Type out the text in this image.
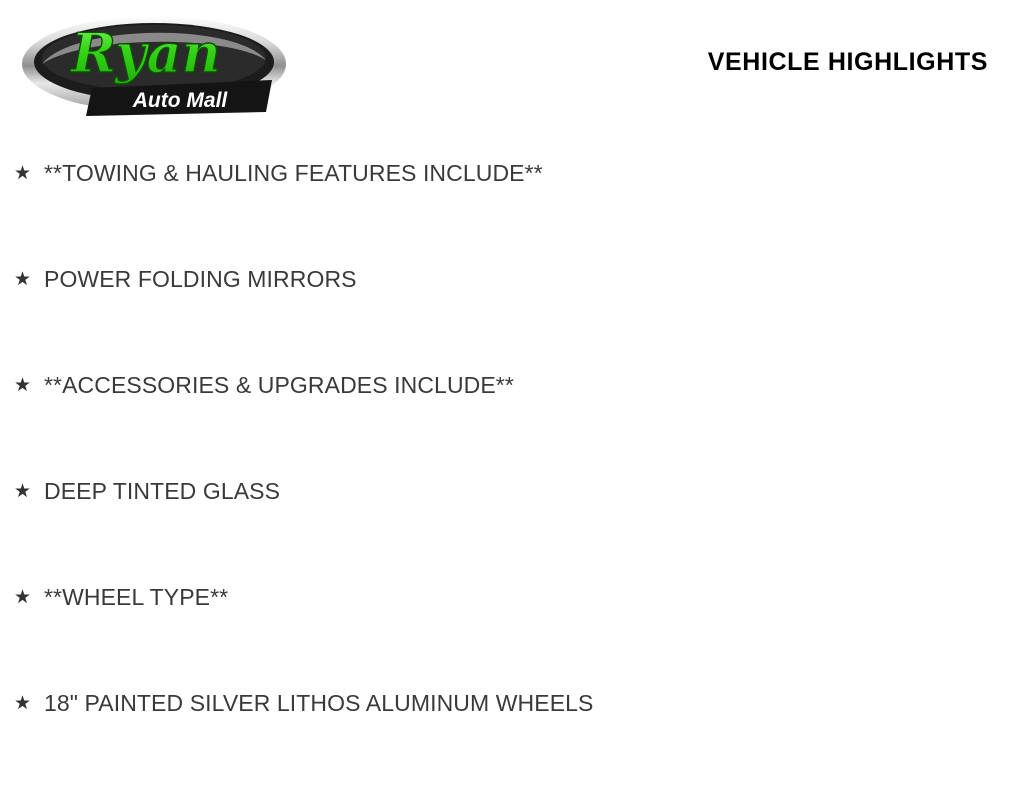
Ryan
Auto Mall
VEHICLE HIGHLIGHTS
★ **TOWING & HAULING FEATURES INCLUDE**
★ POWER FOLDING MIRRORS
★ **ACCESSORIES & UPGRADES INCLUDE**
★ DEEP TINTED GLASS
★ **WHEEL TYPE**
★ 18" PAINTED SILVER LITHOS ALUMINUM WHEELS
